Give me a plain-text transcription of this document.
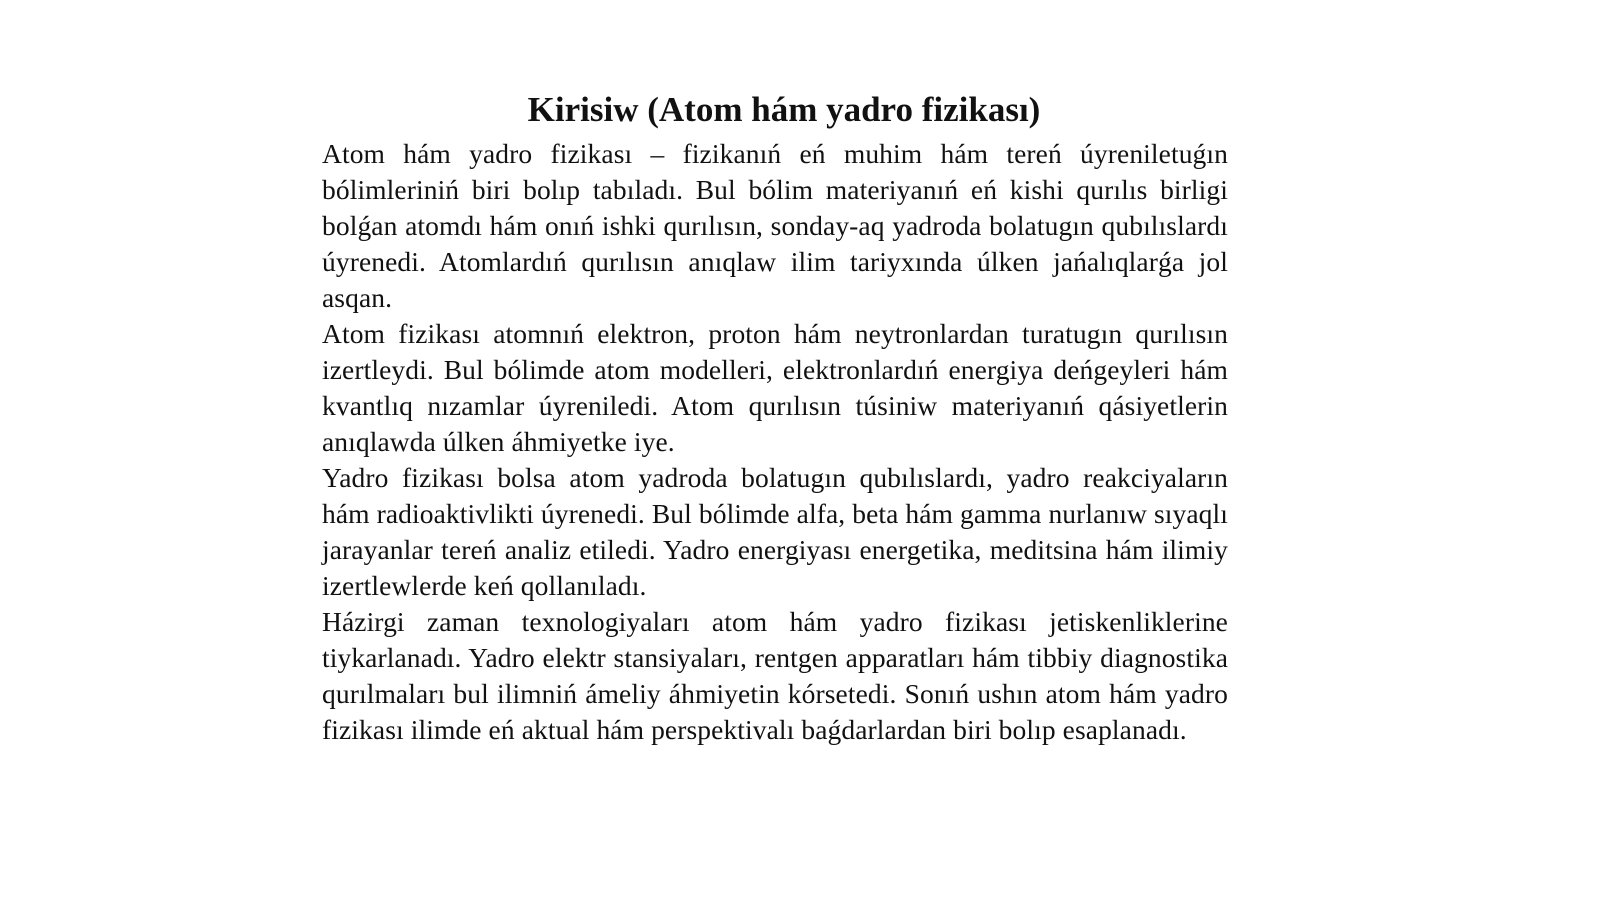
Kirisiw (Atom hám yadro fizikası)

Atom hám yadro fizikası – fizikanıń eń muhim hám tereń úyreniletuǵın bólimleriniń biri bolıp tabıladı. Bul bólim materiyanıń eń kishi qurılıs birligi bolǵan atomdı hám onıń ishki qurılısın, sonday-aq yadroda bolatugın qubılıslardı úyrenedi. Atomlardıń qurılısın anıqlaw ilim tariyxında úlken jańalıqlarǵa jol asqan.

Atom fizikası atomnıń elektron, proton hám neytronlardan turatugın qurılısın izertleydi. Bul bólimde atom modelleri, elektronlardıń energiya deńgeyleri hám kvantlıq nızamlar úyreniledi. Atom qurılısın túsiniw materiyanıń qásiyetlerin anıqlawda úlken áhmiyetke iye.

Yadro fizikası bolsa atom yadroda bolatugın qubılıslardı, yadro reakciyaların hám radioaktivlikti úyrenedi. Bul bólimde alfa, beta hám gamma nurlanıw sıyaqlı jarayanlar tereń analiz etiledi. Yadro energiyası energetika, meditsina hám ilimiy izertlewlerde keń qollanıladı.

Házirgi zaman texnologiyaları atom hám yadro fizikası jetiskenliklerine tiykarlanadı. Yadro elektr stansiyaları, rentgen apparatları hám tibbiy diagnostika qurılmaları bul ilimniń ámeliy áhmiyetin kórsetedi. Sonıń ushın atom hám yadro fizikası ilimde eń aktual hám perspektivalı baǵdarlardan biri bolıp esaplanadı.
